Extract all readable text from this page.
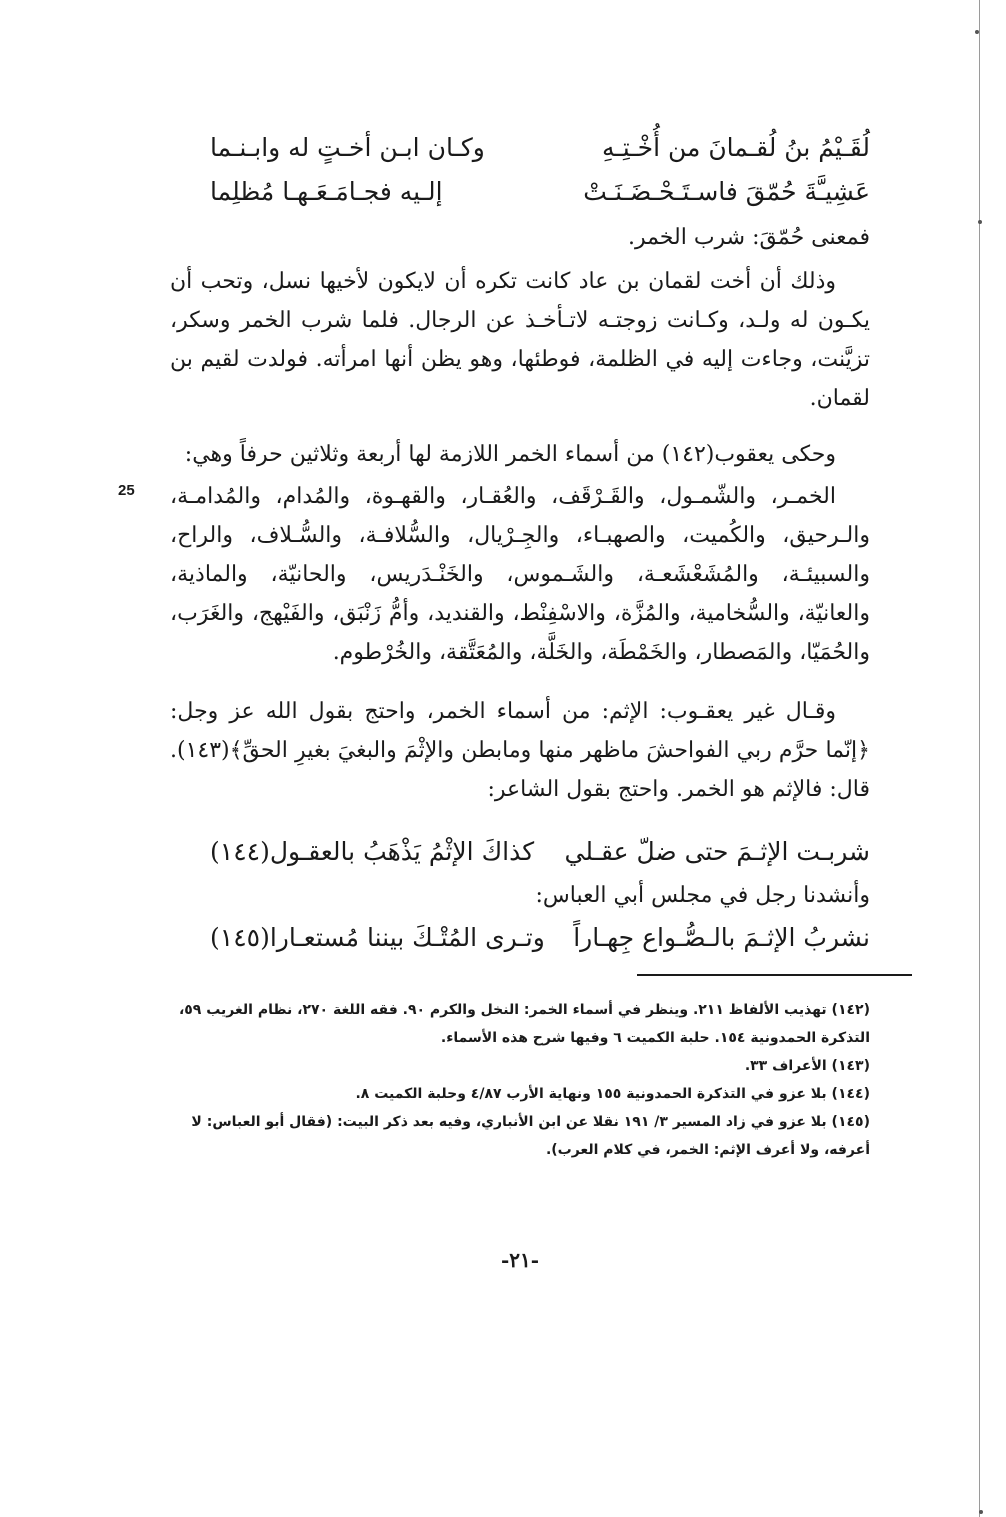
لُقَـيْمُ بنُ لُقـمانَ من أُخْـتِـهِ
وكـان ابـن أخـتٍ له وابـنـما
عَشِيـَّةَ حُمّقَ فاسـتَـحْـضَـنَـتْ
إلـيه فجـامَـعَـهـا مُظلِما

فمعنى حُمّقَ: شرب الخمر.

وذلك أن أخت لقمان بن عاد كانت تكره أن لايكون لأخيها نسل، وتحب أن يكـون له ولـد، وكـانت زوجتـه لاتـأخـذ عن الرجال. فلما شرب الخمر وسكر، تزيَّنت، وجاءت إليه في الظلمة، فوطئها، وهو يظن أنها امرأته. فولدت لقيم بن لقمان.

وحكى يعقوب(١٤٢) من أسماء الخمر اللازمة لها أربعة وثلاثين حرفاً وهي:

25 الخمـر، والشّمـول، والقَـرْقَف، والعُقـار، والقهـوة، والمُدام، والمُدامـة، والـرحيق، والكُميت، والصهبـاء، والجِـرْيال، والسُّلافـة، والسُّـلاف، والراح، والسبيئـة، والمُشَعْشَعـة، والشَـموس، والخَنْـدَريس، والحانيّة، والماذية، والعانيّة، والسُّخامية، والمُزَّة، والاسْفِنْط، والقنديد، وأمُّ زَنْبَق، والفَيْهج، والغَرَب، والحُمَيّا، والمَصطار، والخَمْطَة، والخَلَّة، والمُعَتَّقة، والخُرْطوم.

وقـال غير يعقـوب: الإثم: من أسماء الخمر، واحتج بقول الله عز وجل: ﴿إنّما حرَّم ربي الفواحشَ ماظهر منها ومابطن والإثْمَ والبغيَ بغيرِ الحقِّ﴾(١٤٣). قال: فالإثم هو الخمر. واحتج بقول الشاعر:

شربـت الإثـمَ حتى ضلّ عقـلي
كذاكَ الإثْمُ يَذْهَبُ بالعقـول(١٤٤)

وأنشدنا رجل في مجلس أبي العباس:

نشربُ الإثـمَ بالـصُّـواع جِهـاراً
وتـرى المُتْـكَ بيننا مُستعـارا(١٤٥)
(١٤٢) تهذيب الألفاظ ٢١١. وينظر في أسماء الخمر: النخل والكرم ٩٠. فقه اللغة ٢٧٠، نظام الغريب ٥٩، التذكرة الحمدونية ١٥٤. حلبة الكميت ٦ وفيها شرح هذه الأسماء.
(١٤٣) الأعراف ٣٣.
(١٤٤) بلا عزو في التذكرة الحمدونية ١٥٥ ونهاية الأرب ٤/٨٧ وحلبة الكميت ٨.
(١٤٥) بلا عزو في زاد المسير ٣/ ١٩١ نقلا عن ابن الأنباري، وفيه بعد ذكر البيت: (فقال أبو العباس: لا أعرفه، ولا أعرف الإثم: الخمر، في كلام العرب).
-٢١-
